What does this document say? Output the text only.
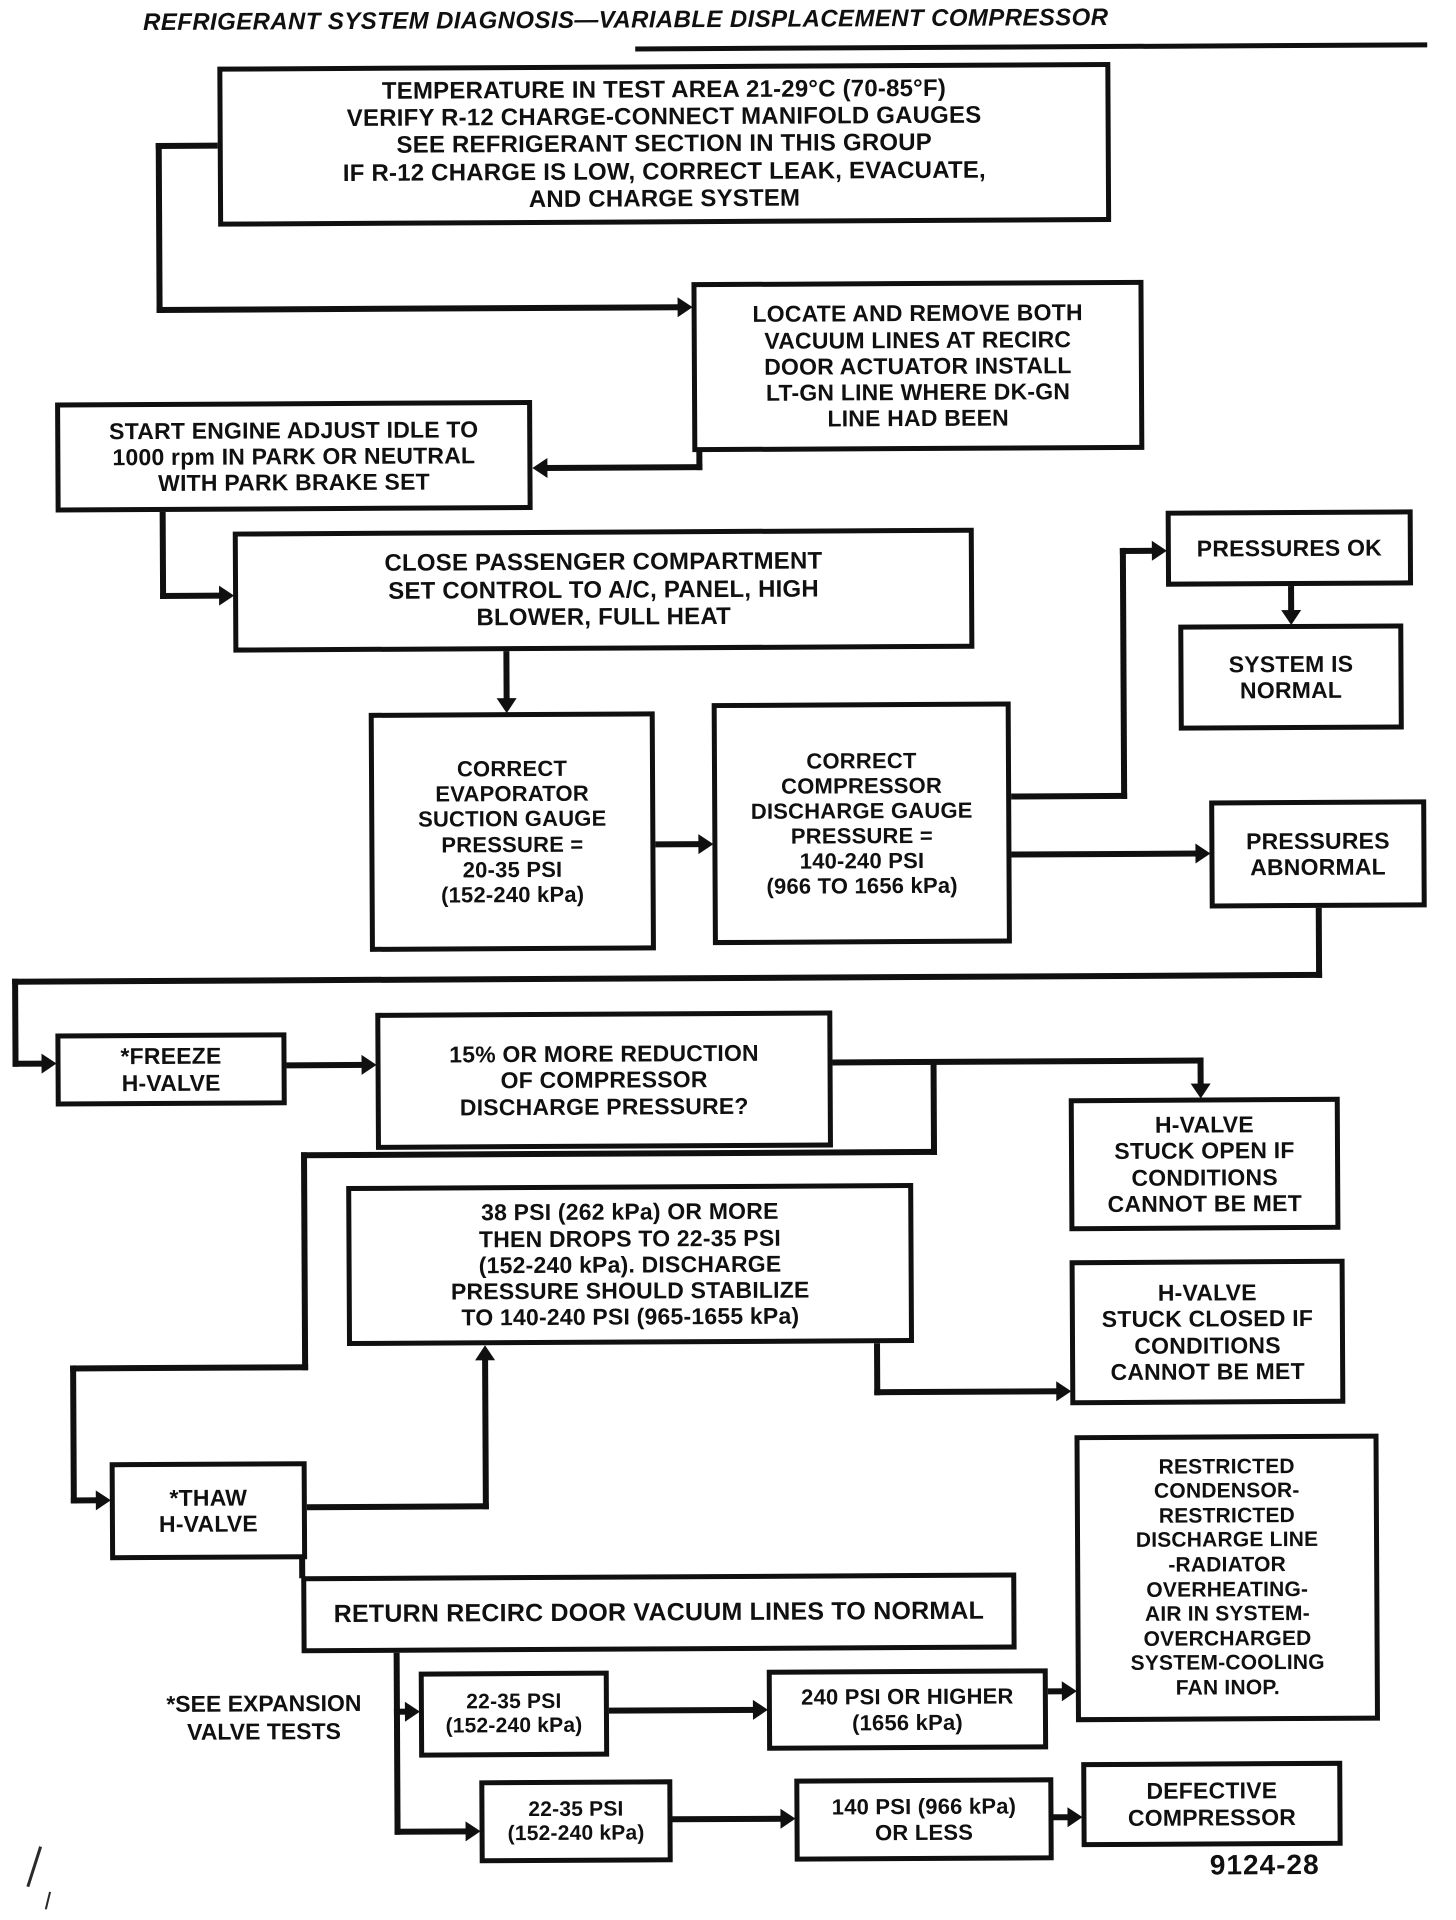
REFRIGERANT SYSTEM DIAGNOSIS—VARIABLE DISPLACEMENT COMPRESSOR
TEMPERATURE IN TEST AREA 21-29°C (70-85°F)
VERIFY R-12 CHARGE-CONNECT MANIFOLD GAUGES
SEE REFRIGERANT SECTION IN THIS GROUP
IF R-12 CHARGE IS LOW, CORRECT LEAK, EVACUATE,
AND CHARGE SYSTEM
LOCATE AND REMOVE BOTH
VACUUM LINES AT RECIRC
DOOR ACTUATOR INSTALL
LT-GN LINE WHERE DK-GN
LINE HAD BEEN
START ENGINE ADJUST IDLE TO
1000 rpm IN PARK OR NEUTRAL
WITH PARK BRAKE SET
CLOSE PASSENGER COMPARTMENT
SET CONTROL TO A/C, PANEL, HIGH
BLOWER, FULL HEAT
CORRECT
EVAPORATOR
SUCTION GAUGE
PRESSURE =
20-35 PSI
(152-240 kPa)
CORRECT
COMPRESSOR
DISCHARGE GAUGE
PRESSURE =
140-240 PSI
(966 TO 1656 kPa)
PRESSURES OK
SYSTEM IS
NORMAL
PRESSURES
ABNORMAL
*FREEZE
H-VALVE
15% OR MORE REDUCTION
OF COMPRESSOR
DISCHARGE PRESSURE?
H-VALVE
STUCK OPEN IF
CONDITIONS
CANNOT BE MET
38 PSI (262 kPa) OR MORE
THEN DROPS TO 22-35 PSI
(152-240 kPa). DISCHARGE
PRESSURE SHOULD STABILIZE
TO 140-240 PSI (965-1655 kPa)
H-VALVE
STUCK CLOSED IF
CONDITIONS
CANNOT BE MET
*THAW
H-VALVE
RETURN RECIRC DOOR VACUUM LINES TO NORMAL
RESTRICTED
CONDENSOR-
RESTRICTED
DISCHARGE LINE
-RADIATOR
OVERHEATING-
AIR IN SYSTEM-
OVERCHARGED
SYSTEM-COOLING
FAN INOP.
22-35 PSI
(152-240 kPa)
240 PSI OR HIGHER
(1656 kPa)
22-35 PSI
(152-240 kPa)
140 PSI (966 kPa)
OR LESS
DEFECTIVE
COMPRESSOR
*SEE EXPANSION
VALVE TESTS
9124-28
